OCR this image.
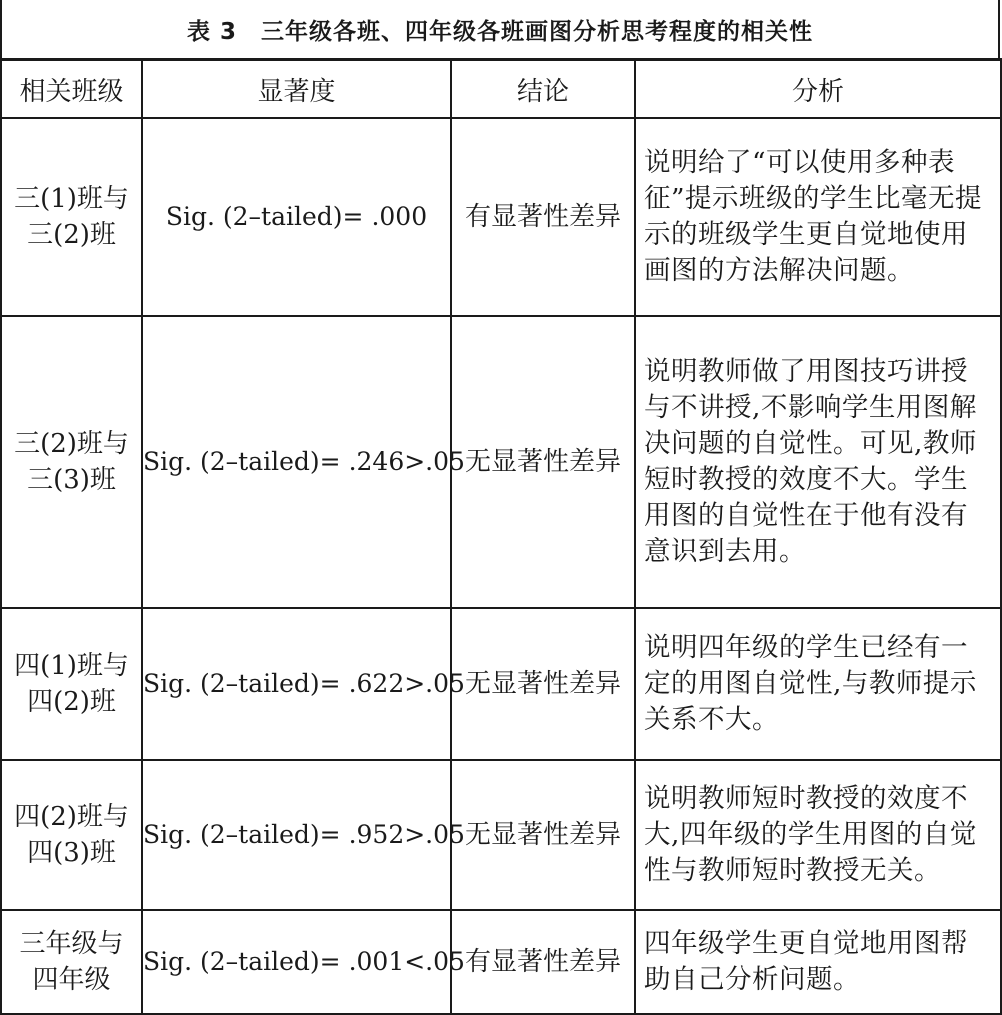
表 3　三年级各班、四年级各班画图分析思考程度的相关性
相关班级	显著度	结论	分析

三(1)班与
三(2)班	Sig. (2–tailed)= .000	有显著性差异	说明给了“可以使用多种表征”提示班级的学生比毫无提示的班级学生更自觉地使用画图的方法解决问题。

三(2)班与
三(3)班	Sig. (2–tailed)= .246>.05	无显著性差异	说明教师做了用图技巧讲授与不讲授,不影响学生用图解决问题的自觉性。可见,教师短时教授的效度不大。学生用图的自觉性在于他有没有意识到去用。

四(1)班与
四(2)班	Sig. (2–tailed)= .622>.05	无显著性差异	说明四年级的学生已经有一定的用图自觉性,与教师提示关系不大。

四(2)班与
四(3)班	Sig. (2–tailed)= .952>.05	无显著性差异	说明教师短时教授的效度不大,四年级的学生用图的自觉性与教师短时教授无关。

三年级与
四年级	Sig. (2–tailed)= .001<.05	有显著性差异	四年级学生更自觉地用图帮助自己分析问题。
